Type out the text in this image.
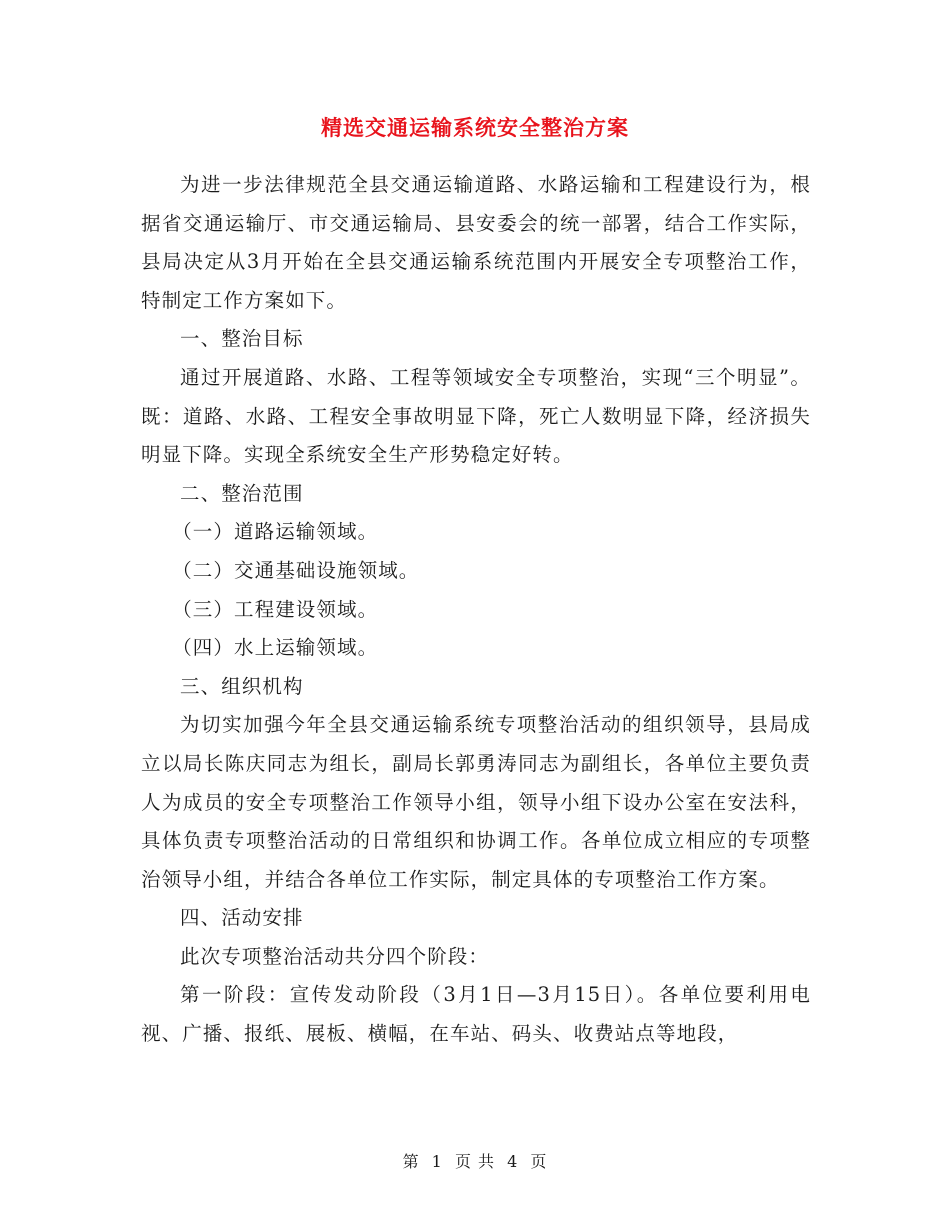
精选交通运输系统安全整治方案

为进一步法律规范全县交通运输道路、水路运输和工程建设行为，根据省交通运输厅、市交通运输局、县安委会的统一部署，结合工作实际，县局决定从3月开始在全县交通运输系统范围内开展安全专项整治工作，特制定工作方案如下。

一、整治目标

通过开展道路、水路、工程等领域安全专项整治，实现“三个明显”。既：道路、水路、工程安全事故明显下降，死亡人数明显下降，经济损失明显下降。实现全系统安全生产形势稳定好转。

二、整治范围

（一）道路运输领域。

（二）交通基础设施领域。

（三）工程建设领域。

（四）水上运输领域。

三、组织机构

为切实加强今年全县交通运输系统专项整治活动的组织领导，县局成立以局长陈庆同志为组长，副局长郭勇涛同志为副组长，各单位主要负责人为成员的安全专项整治工作领导小组，领导小组下设办公室在安法科，具体负责专项整治活动的日常组织和协调工作。各单位成立相应的专项整治领导小组，并结合各单位工作实际，制定具体的专项整治工作方案。

四、活动安排

此次专项整治活动共分四个阶段：

第一阶段：宣传发动阶段（3月1日—3月15日）。各单位要利用电视、广播、报纸、展板、横幅，在车站、码头、收费站点等地段，

第 1 页 共 4 页
